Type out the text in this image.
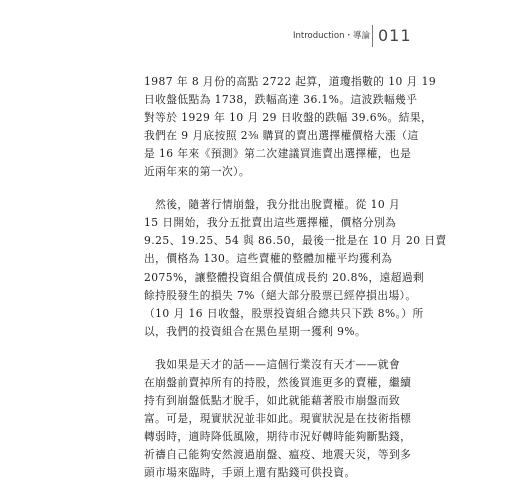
Introduction・導論 011

1987 年 8 月份的高點 2722 起算，道瓊指數的 10 月 19
日收盤低點為 1738，跌幅高達 36.1%。這波跌幅幾乎
對等於 1929 年 10 月 29 日收盤的跌幅 39.6%。結果，
我們在 9 月底按照 2⅜ 購買的賣出選擇權價格大漲（這
是 16 年來《預測》第二次建議買進賣出選擇權，也是
近兩年來的第一次）。

　然後，隨著行情崩盤，我分批出脫賣權。從 10 月
15 日開始，我分五批賣出這些選擇權，價格分別為
9.25、19.25、54 與 86.50，最後一批是在 10 月 20 日賣
出，價格為 130。這些賣權的整體加權平均獲利為
2075%，讓整體投資組合價值成長約 20.8%，遠超過剩
餘持股發生的損失 7%（絕大部分股票已經停損出場）。
（10 月 16 日收盤，股票投資組合總共只下跌 8%。）所
以，我們的投資組合在黑色星期一獲利 9%。

　我如果是天才的話——這個行業沒有天才——就會
在崩盤前賣掉所有的持股，然後買進更多的賣權，繼續
持有到崩盤低點才脫手，如此就能藉著股市崩盤而致
富。可是，現實狀況並非如此。現實狀況是在技術指標
轉弱時，適時降低風險，期待市況好轉時能夠斷點錢，
祈禱自己能夠安然渡過崩盤、瘟疫、地震天災，等到多
頭市場來臨時，手頭上還有點錢可供投資。
